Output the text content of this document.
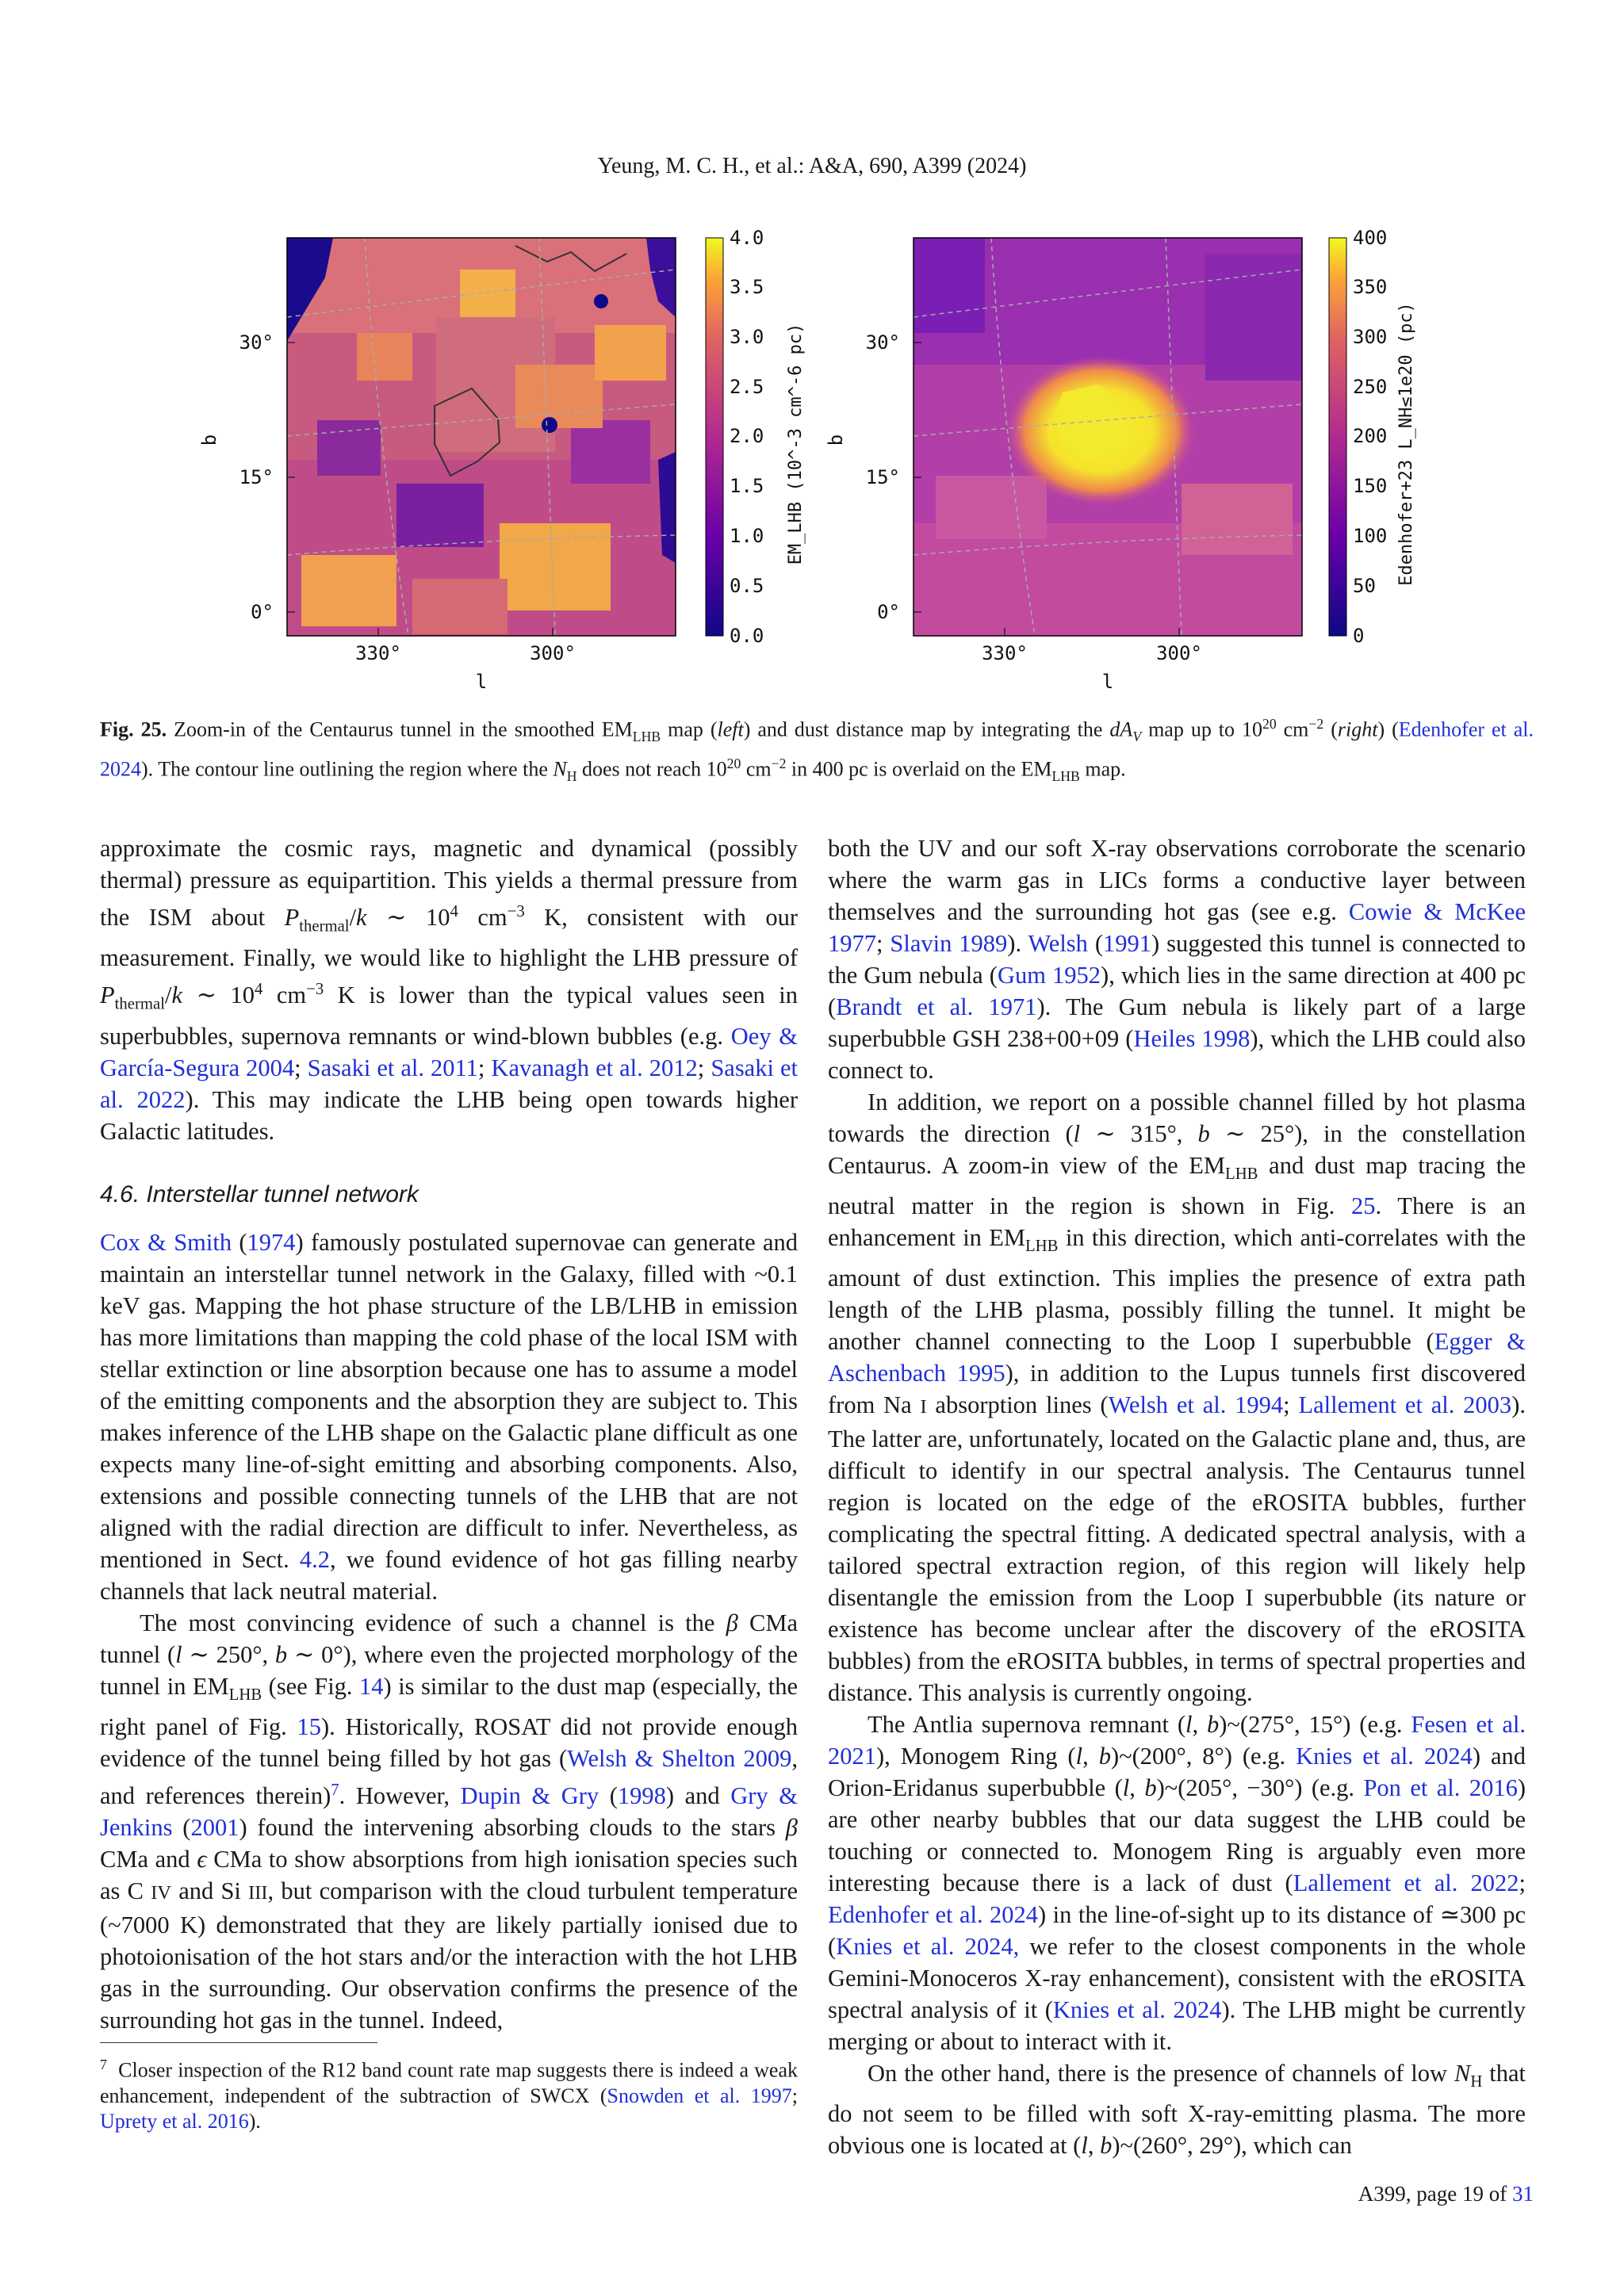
Yeung, M. C. H., et al.: A&A, 690, A399 (2024)
30°
15°
0°
330°	300°
l
b
4.0
3.5
3.0
2.5
2.0
1.5
1.0
0.5
0.0
EM_LHB (10^-3 cm^-6 pc)	30°
15°
0°
330°	300°
l
b
400
350
300
250
200
150
100
50
0
Edenhofer+23 L_NH≤1e20 (pc)
Fig. 25. Zoom-in of the Centaurus tunnel in the smoothed $EM_{LHB}$ map (left) and dust distance map by integrating the $dA_V$ map up to $10^{20}$ $cm^{-2}$ (right) (Edenhofer et al. 2024). The contour line outlining the region where the $N_H$ does not reach $10^{20}$ $cm^{-2}$ in 400 pc is overlaid on the $EM_{LHB}$ map.

approximate the cosmic rays, magnetic and dynamical (possibly thermal) pressure as equipartition. This yields a thermal pressure from the ISM about $P_{thermal}/k$ ∼ $10^4$ $cm^{-3}$ K, consistent with our measurement. Finally, we would like to highlight the LHB pressure of $P_{thermal}/k$ ∼ $10^4$ $cm^{-3}$ K is lower than the typical values seen in superbubbles, supernova remnants or wind-blown bubbles (e.g. Oey & García-Segura 2004; Sasaki et al. 2011; Kavanagh et al. 2012; Sasaki et al. 2022). This may indicate the LHB being open towards higher Galactic latitudes.

4.6. Interstellar tunnel network

Cox & Smith (1974) famously postulated supernovae can generate and maintain an interstellar tunnel network in the Galaxy, filled with ~0.1 keV gas. Mapping the hot phase structure of the LB/LHB in emission has more limitations than mapping the cold phase of the local ISM with stellar extinction or line absorption because one has to assume a model of the emitting components and the absorption they are subject to. This makes inference of the LHB shape on the Galactic plane difficult as one expects many line-of-sight emitting and absorbing components. Also, extensions and possible connecting tunnels of the LHB that are not aligned with the radial direction are difficult to infer. Nevertheless, as mentioned in Sect. 4.2, we found evidence of hot gas filling nearby channels that lack neutral material.

The most convincing evidence of such a channel is the β CMa tunnel (l ∼ 250°, b ∼ 0°), where even the projected morphology of the tunnel in $EM_{LHB}$ (see Fig. 14) is similar to the dust map (especially, the right panel of Fig. 15). Historically, ROSAT did not provide enough evidence of the tunnel being filled by hot gas (Welsh & Shelton 2009, and references therein)$^7$. However, Dupin & Gry (1998) and Gry & Jenkins (2001) found the intervening absorbing clouds to the stars β CMa and ϵ CMa to show absorptions from high ionisation species such as C IV and Si III, but comparison with the cloud turbulent temperature (~7000 K) demonstrated that they are likely partially ionised due to photoionisation of the hot stars and/or the interaction with the hot LHB gas in the surrounding. Our observation confirms the presence of the surrounding hot gas in the tunnel. Indeed,

both the UV and our soft X-ray observations corroborate the scenario where the warm gas in LICs forms a conductive layer between themselves and the surrounding hot gas (see e.g. Cowie & McKee 1977; Slavin 1989). Welsh (1991) suggested this tunnel is connected to the Gum nebula (Gum 1952), which lies in the same direction at 400 pc (Brandt et al. 1971). The Gum nebula is likely part of a large superbubble GSH 238+00+09 (Heiles 1998), which the LHB could also connect to.

In addition, we report on a possible channel filled by hot plasma towards the direction (l ∼ 315°, b ∼ 25°), in the constellation Centaurus. A zoom-in view of the $EM_{LHB}$ and dust map tracing the neutral matter in the region is shown in Fig. 25. There is an enhancement in $EM_{LHB}$ in this direction, which anti-correlates with the amount of dust extinction. This implies the presence of extra path length of the LHB plasma, possibly filling the tunnel. It might be another channel connecting to the Loop I superbubble (Egger & Aschenbach 1995), in addition to the Lupus tunnels first discovered from Na I absorption lines (Welsh et al. 1994; Lallement et al. 2003). The latter are, unfortunately, located on the Galactic plane and, thus, are difficult to identify in our spectral analysis. The Centaurus tunnel region is located on the edge of the eROSITA bubbles, further complicating the spectral fitting. A dedicated spectral analysis, with a tailored spectral extraction region, of this region will likely help disentangle the emission from the Loop I superbubble (its nature or existence has become unclear after the discovery of the eROSITA bubbles) from the eROSITA bubbles, in terms of spectral properties and distance. This analysis is currently ongoing.

The Antlia supernova remnant (l, b)~(275°, 15°) (e.g. Fesen et al. 2021), Monogem Ring (l, b)~(200°, 8°) (e.g. Knies et al. 2024) and Orion-Eridanus superbubble (l, b)~(205°, −30°) (e.g. Pon et al. 2016) are other nearby bubbles that our data suggest the LHB could be touching or connected to. Monogem Ring is arguably even more interesting because there is a lack of dust (Lallement et al. 2022; Edenhofer et al. 2024) in the line-of-sight up to its distance of ≃300 pc (Knies et al. 2024, we refer to the closest components in the whole Gemini-Monoceros X-ray enhancement), consistent with the eROSITA spectral analysis of it (Knies et al. 2024). The LHB might be currently merging or about to interact with it.

On the other hand, there is the presence of channels of low $N_H$ that do not seem to be filled with soft X-ray-emitting plasma. The more obvious one is located at (l, b)~(260°, 29°), which can

$^7$ Closer inspection of the R12 band count rate map suggests there is indeed a weak enhancement, independent of the subtraction of SWCX (Snowden et al. 1997; Uprety et al. 2016).
A399, page 19 of 31
